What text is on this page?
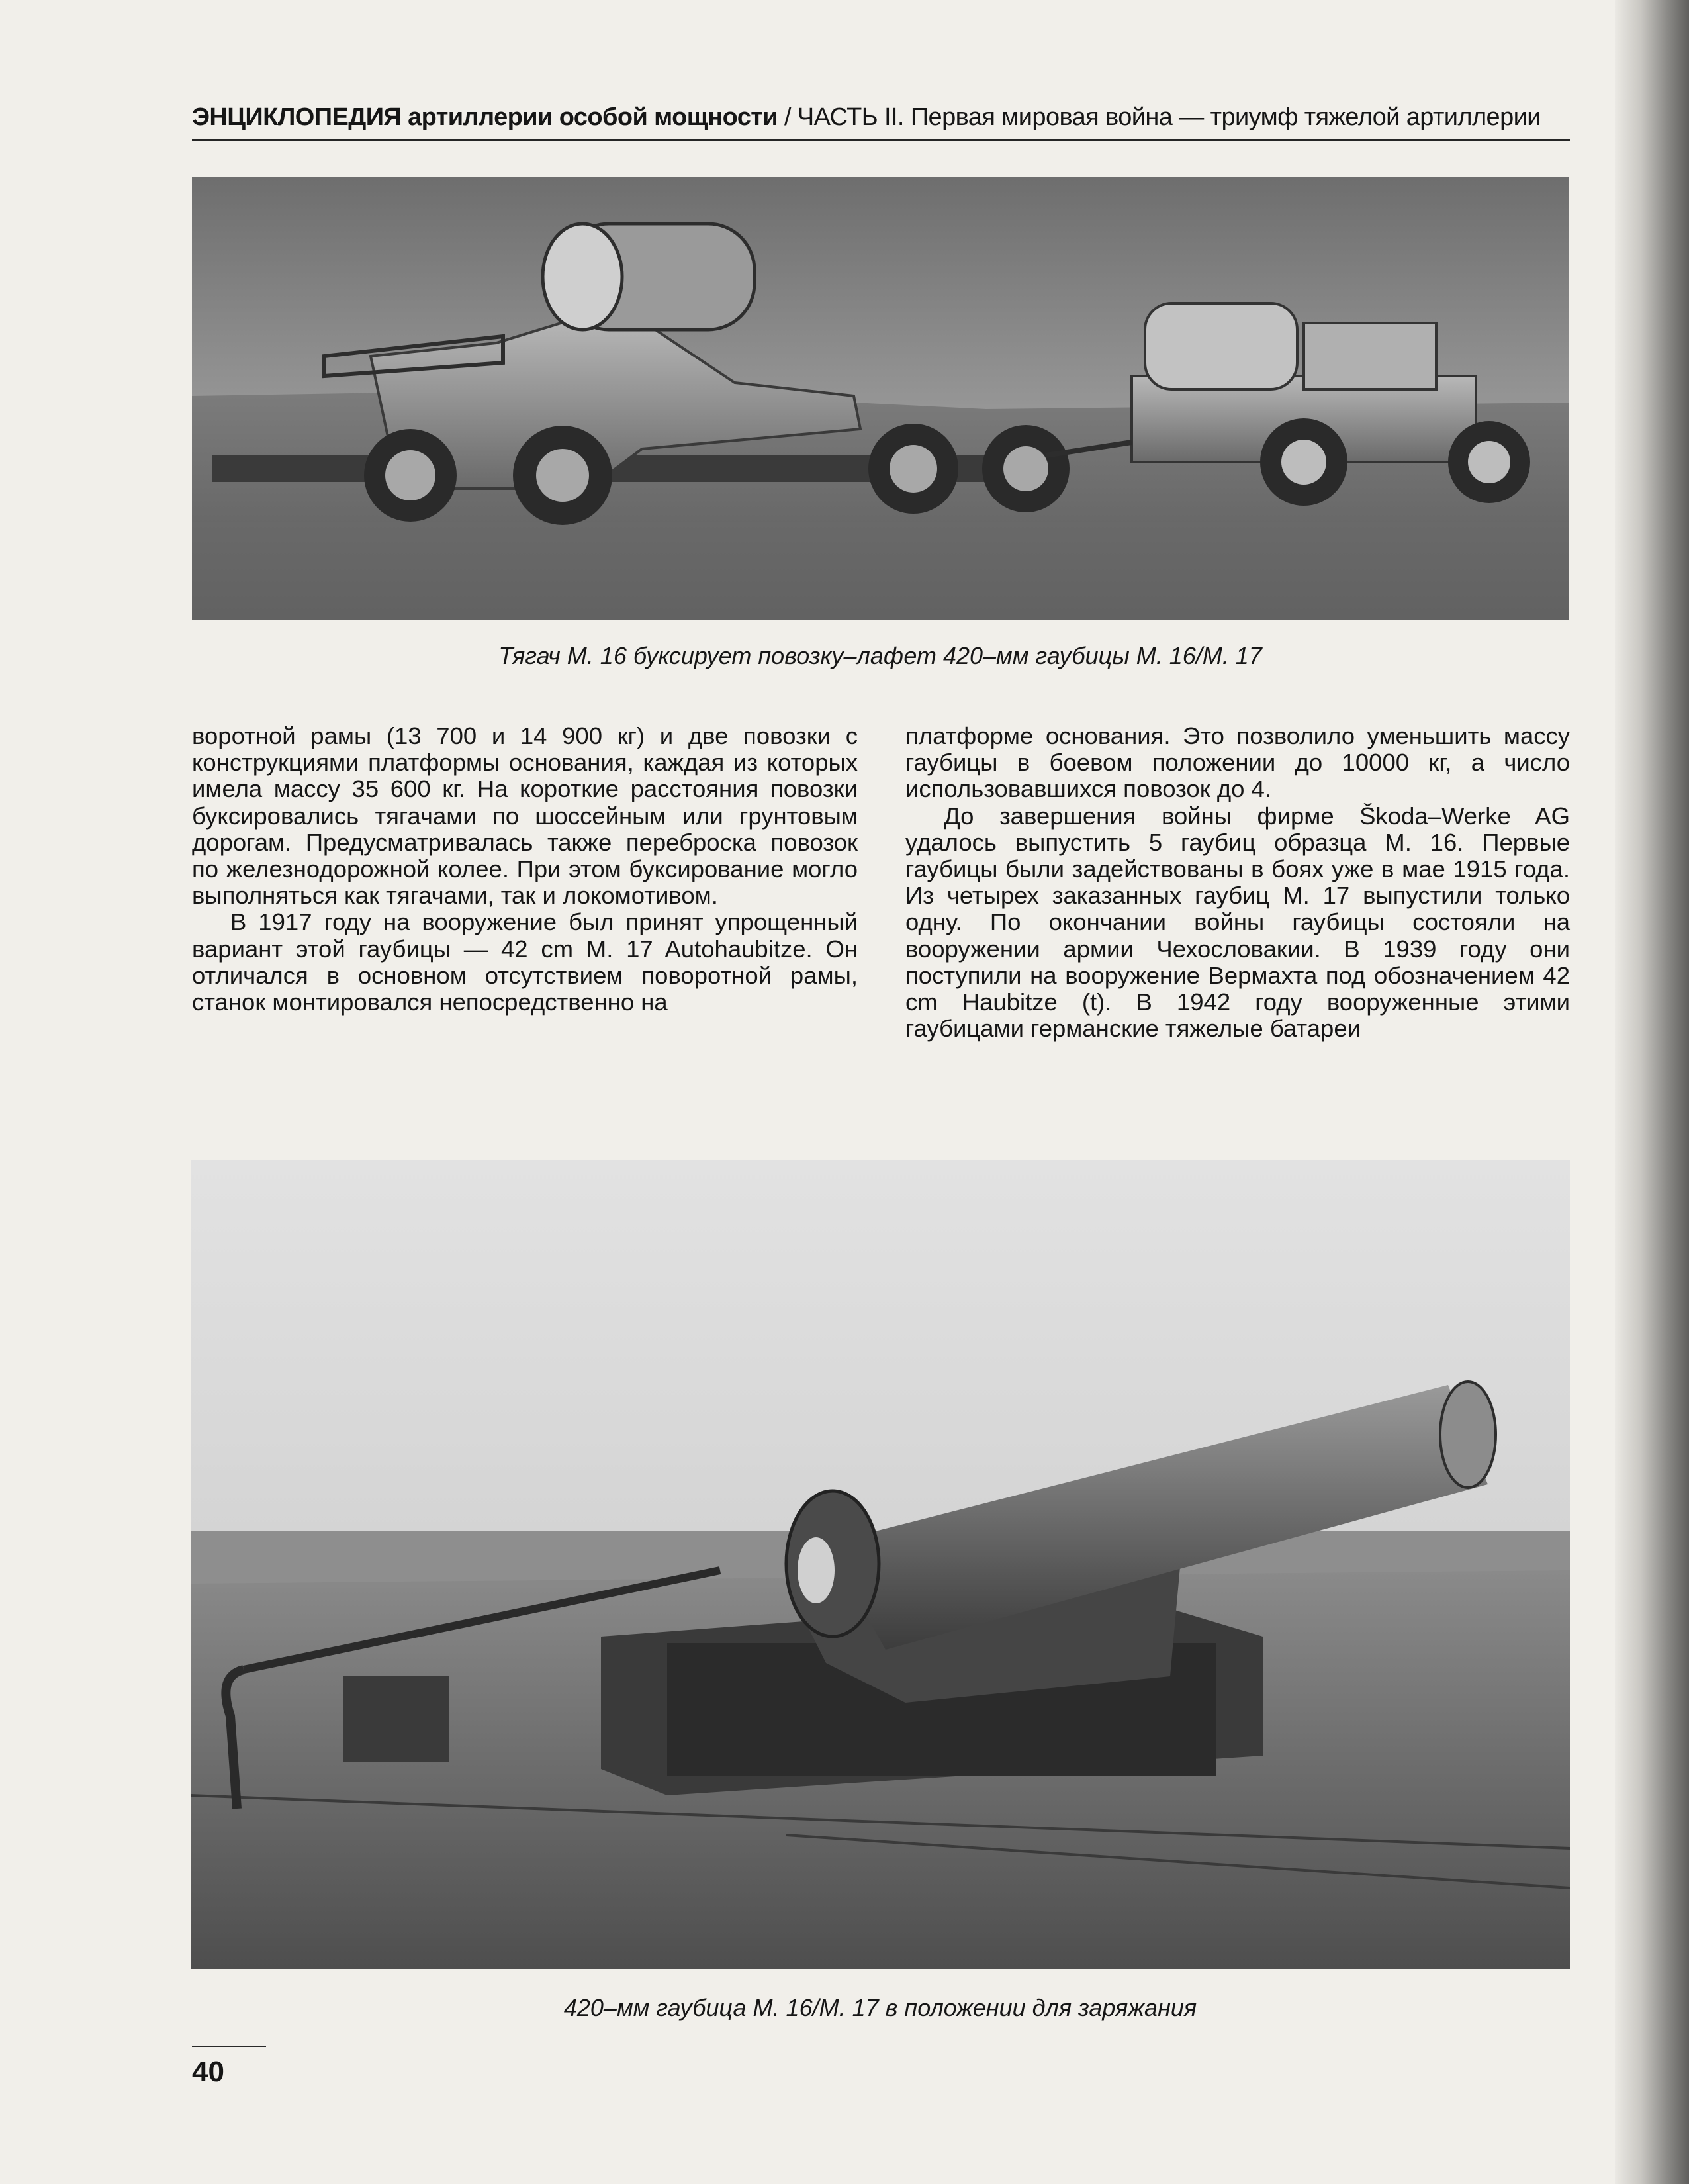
ЭНЦИКЛОПЕДИЯ артиллерии особой мощности / ЧАСТЬ II. Первая мировая война — триумф тяжелой артиллерии
Тягач М. 16 буксирует повозку–лафет 420–мм гаубицы М. 16/М. 17

воротной рамы (13 700 и 14 900 кг) и две повозки с конструкциями платформы основания, каждая из которых имела массу 35 600 кг. На короткие расстояния повозки буксировались тягачами по шоссейным или грунтовым дорогам. Предусматривалась также переброска повозок по железнодорожной колее. При этом буксирование могло выполняться как тягачами, так и локомотивом.

В 1917 году на вооружение был принят упрощенный вариант этой гаубицы — 42 cm M. 17 Autohaubitze. Он отличался в основном отсутствием поворотной рамы, станок монтировался непосредственно на

платформе основания. Это позволило уменьшить массу гаубицы в боевом положении до 10000 кг, а число использовавшихся повозок до 4.

До завершения войны фирме Škoda–Werke AG удалось выпустить 5 гаубиц образца М. 16. Первые гаубицы были задействованы в боях уже в мае 1915 года. Из четырех заказанных гаубиц М. 17 выпустили только одну. По окончании войны гаубицы состояли на вооружении армии Чехословакии. В 1939 году они поступили на вооружение Вермахта под обозначением 42 cm Haubitze (t). В 1942 году вооруженные этими гаубицами германские тяжелые батареи

420–мм гаубица М. 16/М. 17 в положении для заряжания
40
